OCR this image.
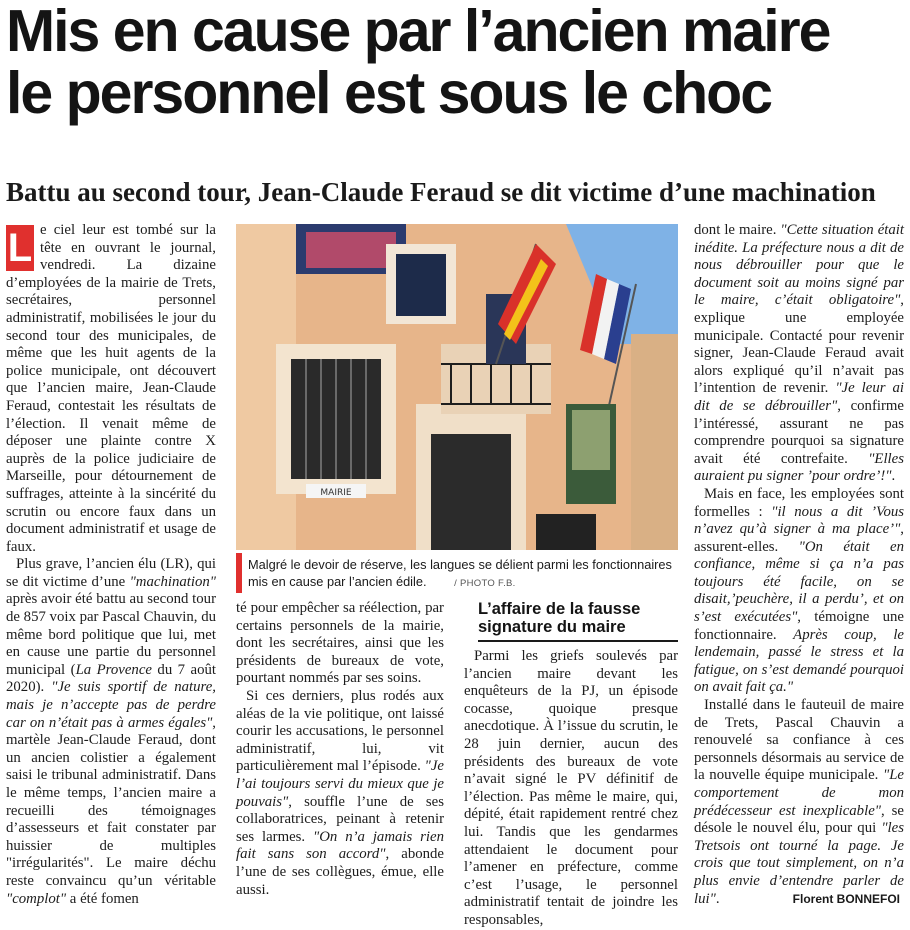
Mis en cause par l’ancien maire
le personnel est sous le choc
Battu au second tour, Jean-Claude Feraud se dit victime d’une machination

L e ciel leur est tombé sur la tête en ouvrant le journal, vendredi. La dizaine d’employées de la mairie de Trets, secrétaires, personnel administratif, mobilisées le jour du second tour des municipales, de même que les huit agents de la police municipale, ont découvert que l’ancien maire, Jean-Claude Feraud, contestait les résultats de l’élection. Il venait même de déposer une plainte contre X auprès de la police judiciaire de Marseille, pour détournement de suffrages, atteinte à la sincérité du scrutin ou encore faux dans un document administratif et usage de faux.

Plus grave, l’ancien élu (LR), qui se dit victime d’une "machination" après avoir été battu au second tour de 857 voix par Pascal Chauvin, du même bord politique que lui, met en cause une partie du personnel municipal (La Provence du 7 août 2020). "Je suis sportif de nature, mais je n’accepte pas de perdre car on n’était pas à armes égales", martèle Jean-Claude Feraud, dont un ancien colistier a également saisi le tribunal administratif. Dans le même temps, l’ancien maire a recueilli des témoignages d’assesseurs et fait constater par huissier de multiples "irrégularités". Le maire déchu reste convaincu qu’un véritable "complot" a été fomen

MAIRIE
Malgré le devoir de réserve, les langues se délient parmi les fonctionnaires mis en cause par l’ancien édile.	/ PHOTO F.B.

té pour empêcher sa réélection, par certains personnels de la mairie, dont les secrétaires, ainsi que les présidents de bureaux de vote, pourtant nommés par ses soins.

Si ces derniers, plus rodés aux aléas de la vie politique, ont laissé courir les accusations, le personnel administratif, lui, vit particulièrement mal l’épisode. "Je l’ai toujours servi du mieux que je pouvais", souffle l’une de ses collaboratrices, peinant à retenir ses larmes. "On n’a jamais rien fait sans son accord", abonde l’une de ses collègues, émue, elle aussi.

L’affaire de la fausse
signature du maire

Parmi les griefs soulevés par l’ancien maire devant les enquêteurs de la PJ, un épisode cocasse, quoique presque anecdotique. À l’issue du scrutin, le 28 juin dernier, aucun des présidents des bureaux de vote n’avait signé le PV définitif de l’élection. Pas même le maire, qui, dépité, était rapidement rentré chez lui. Tandis que les gendarmes attendaient le document pour l’amener en préfecture, comme c’est l’usage, le personnel administratif tentait de joindre les responsables,

dont le maire. "Cette situation était inédite. La préfecture nous a dit de nous débrouiller pour que le document soit au moins signé par le maire, c’était obligatoire", explique une employée municipale. Contacté pour revenir signer, Jean-Claude Feraud avait alors expliqué qu’il n’avait pas l’intention de revenir. "Je leur ai dit de se débrouiller", confirme l’intéressé, assurant ne pas comprendre pourquoi sa signature avait été contrefaite. "Elles auraient pu signer ’pour ordre’!".

Mais en face, les employées sont formelles : "il nous a dit ’Vous n’avez qu’à signer à ma place’", assurent-elles. "On était en confiance, même si ça n’a pas toujours été facile, on se disait,’peuchère, il a perdu’, et on s’est exécutées", témoigne une fonctionnaire. Après coup, le lendemain, passé le stress et la fatigue, on s’est demandé pourquoi on avait fait ça."

Installé dans le fauteuil de maire de Trets, Pascal Chauvin a renouvelé sa confiance à ces personnels désormais au service de la nouvelle équipe municipale. "Le comportement de mon prédécesseur est inexplicable", se désole le nouvel élu, pour qui "les Tretsois ont tourné la page. Je crois que tout simplement, on n’a plus envie d’entendre parler de lui".	Florent BONNEFOI
